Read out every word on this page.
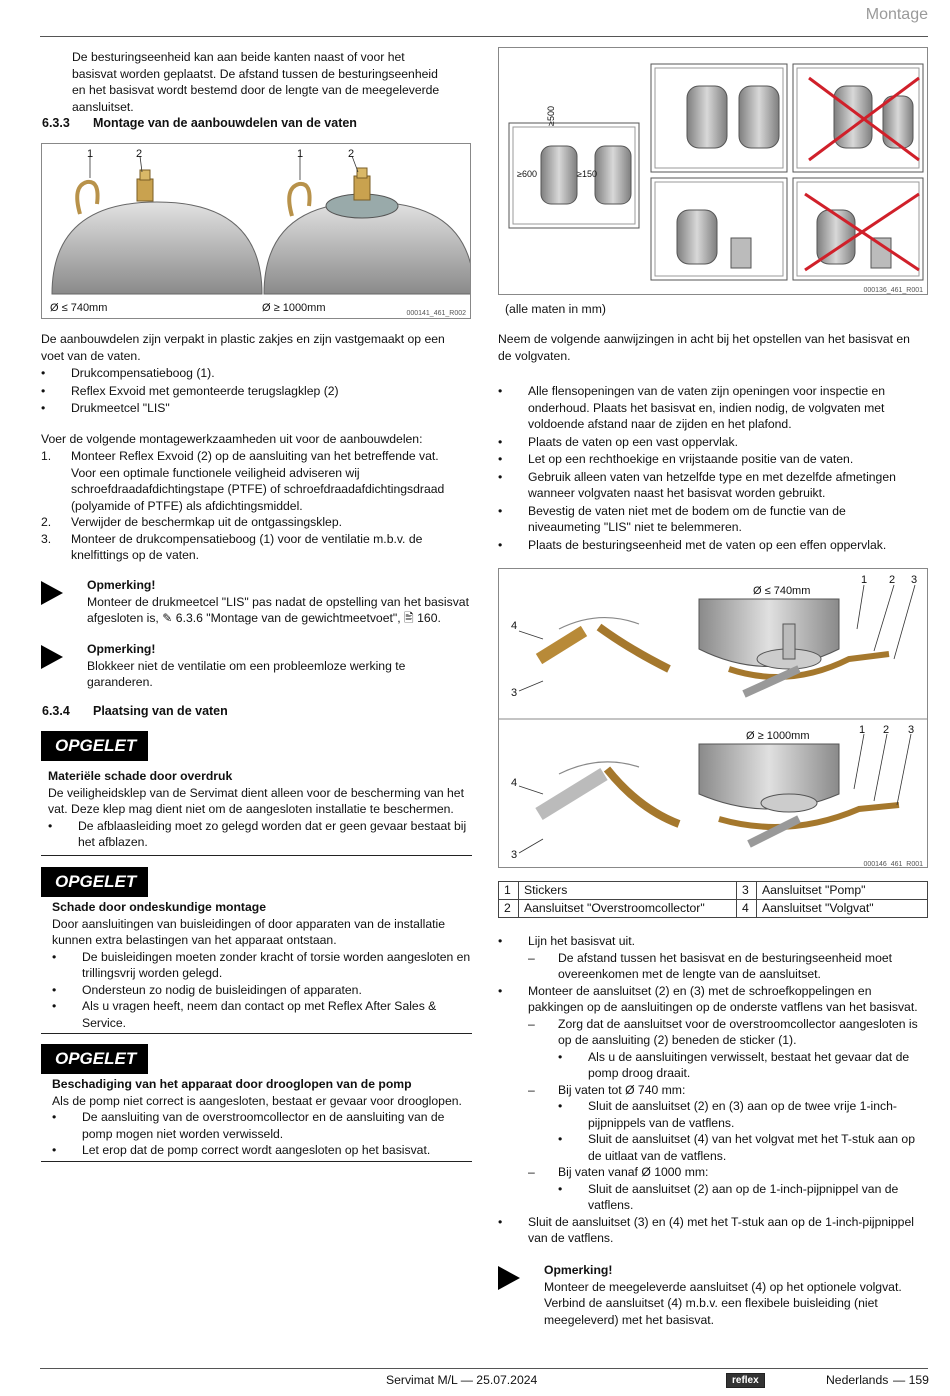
Montage

De besturingseenheid kan aan beide kanten naast of voor het basisvat worden geplaatst. De afstand tussen de besturingseenheid en het basisvat wordt bestemd door de lengte van de meegeleverde aansluitset.

6.3.3 Montage van de aanbouwdelen van de vaten
1	2	1	2
Ø ≤ 740mm	Ø ≥ 1000mm	000141_461_R002

De aanbouwdelen zijn verpakt in plastic zakjes en zijn vastgemaakt op een voet van de vaten.

• Drukcompensatieboog (1).
• Reflex Exvoid met gemonteerde terugslagklep (2)
• Drukmeetcel "LIS"

Voer de volgende montagewerkzaamheden uit voor de aanbouwdelen:

1. Monteer Reflex Exvoid (2) op de aansluiting van het betreffende vat.
Voor een optimale functionele veiligheid adviseren wij schroefdraadafdichtingstape (PTFE) of schroefdraadafdichtingsdraad (polyamide of PTFE) als afdichtingsmiddel.
2. Verwijder de beschermkap uit de ontgassingsklep.
3. Monteer de drukcompensatieboog (1) voor de ventilatie m.b.v. de knelfittings op de vaten.
Opmerking!
Monteer de drukmeetcel "LIS" pas nadat de opstelling van het basisvat afgesloten is, ✎ 6.3.6 "Montage van de gewichtmeetvoet", 🖹 160.
Opmerking!
Blokkeer niet de ventilatie om een probleemloze werking te garanderen.
6.3.4 Plaatsing van de vaten
OPGELET
Materiële schade door overdruk
De veiligheidsklep van de Servimat dient alleen voor de bescherming van het vat. Deze klep mag dient niet om de aangesloten installatie te beschermen.
• De afblaasleiding moet zo gelegd worden dat er geen gevaar bestaat bij het afblazen.
OPGELET
Schade door ondeskundige montage
Door aansluitingen van buisleidingen of door apparaten van de installatie kunnen extra belastingen van het apparaat ontstaan.
• De buisleidingen moeten zonder kracht of torsie worden aangesloten en trillingsvrij worden gelegd.
• Ondersteun zo nodig de buisleidingen of apparaten.
• Als u vragen heeft, neem dan contact op met Reflex After Sales & Service.
OPGELET
Beschadiging van het apparaat door drooglopen van de pomp
Als de pomp niet correct is aangesloten, bestaat er gevaar voor drooglopen.
• De aansluiting van de overstroomcollector en de aansluiting van de pomp mogen niet worden verwisseld.
• Let erop dat de pomp correct wordt aangesloten op het basisvat.
≥500
≥600	≥150
000136_461_R001
(alle maten in mm)

Neem de volgende aanwijzingen in acht bij het opstellen van het basisvat en de volgvaten.

• Alle flensopeningen van de vaten zijn openingen voor inspectie en onderhoud. Plaats het basisvat en, indien nodig, de volgvaten met voldoende afstand naar de zijden en het plafond.
• Plaats de vaten op een vast oppervlak.
• Let op een rechthoekige en vrijstaande positie van de vaten.
• Gebruik alleen vaten van hetzelfde type en met dezelfde afmetingen wanneer volgvaten naast het basisvat worden gebruikt.
• Bevestig de vaten niet met de bodem om de functie van de niveaumeting "LIS" niet te belemmeren.
• Plaats de besturingseenheid met de vaten op een effen oppervlak.
Ø ≤ 740mm
1 2 3
4
3
Ø ≥ 1000mm	1 2 3
4
3
000146_461_R001
1	Stickers	3	Aansluitset "Pomp"
2	Aansluitset "Overstroomcollector"	4	Aansluitset "Volgvat"
• Lijn het basisvat uit.
– De afstand tussen het basisvat en de besturingseenheid moet overeenkomen met de lengte van de aansluitset.
• Monteer de aansluitset (2) en (3) met de schroefkoppelingen en pakkingen op de aansluitingen op de onderste vatflens van het basisvat.
– Zorg dat de aansluitset voor de overstroomcollector aangesloten is op de aansluiting (2) beneden de sticker (1).
• Als u de aansluitingen verwisselt, bestaat het gevaar dat de pomp droog draait.
– Bij vaten tot Ø 740 mm:
• Sluit de aansluitset (2) en (3) aan op de twee vrije 1-inch-pijpnippels van de vatflens.
• Sluit de aansluitset (4) van het volgvat met het T-stuk aan op de uitlaat van de vatflens.
– Bij vaten vanaf Ø 1000 mm:
• Sluit de aansluitset (2) aan op de 1-inch-pijpnippel van de vatflens.
• Sluit de aansluitset (3) en (4) met het T-stuk aan op de 1-inch-pijpnippel van de vatflens.
Opmerking!
Monteer de meegeleverde aansluitset (4) op het optionele volgvat. Verbind de aansluitset (4) m.b.v. een flexibele buisleiding (niet meegeleverd) met het basisvat.
Servimat M/L — 25.07.2024	reflex	Nederlands — 159
